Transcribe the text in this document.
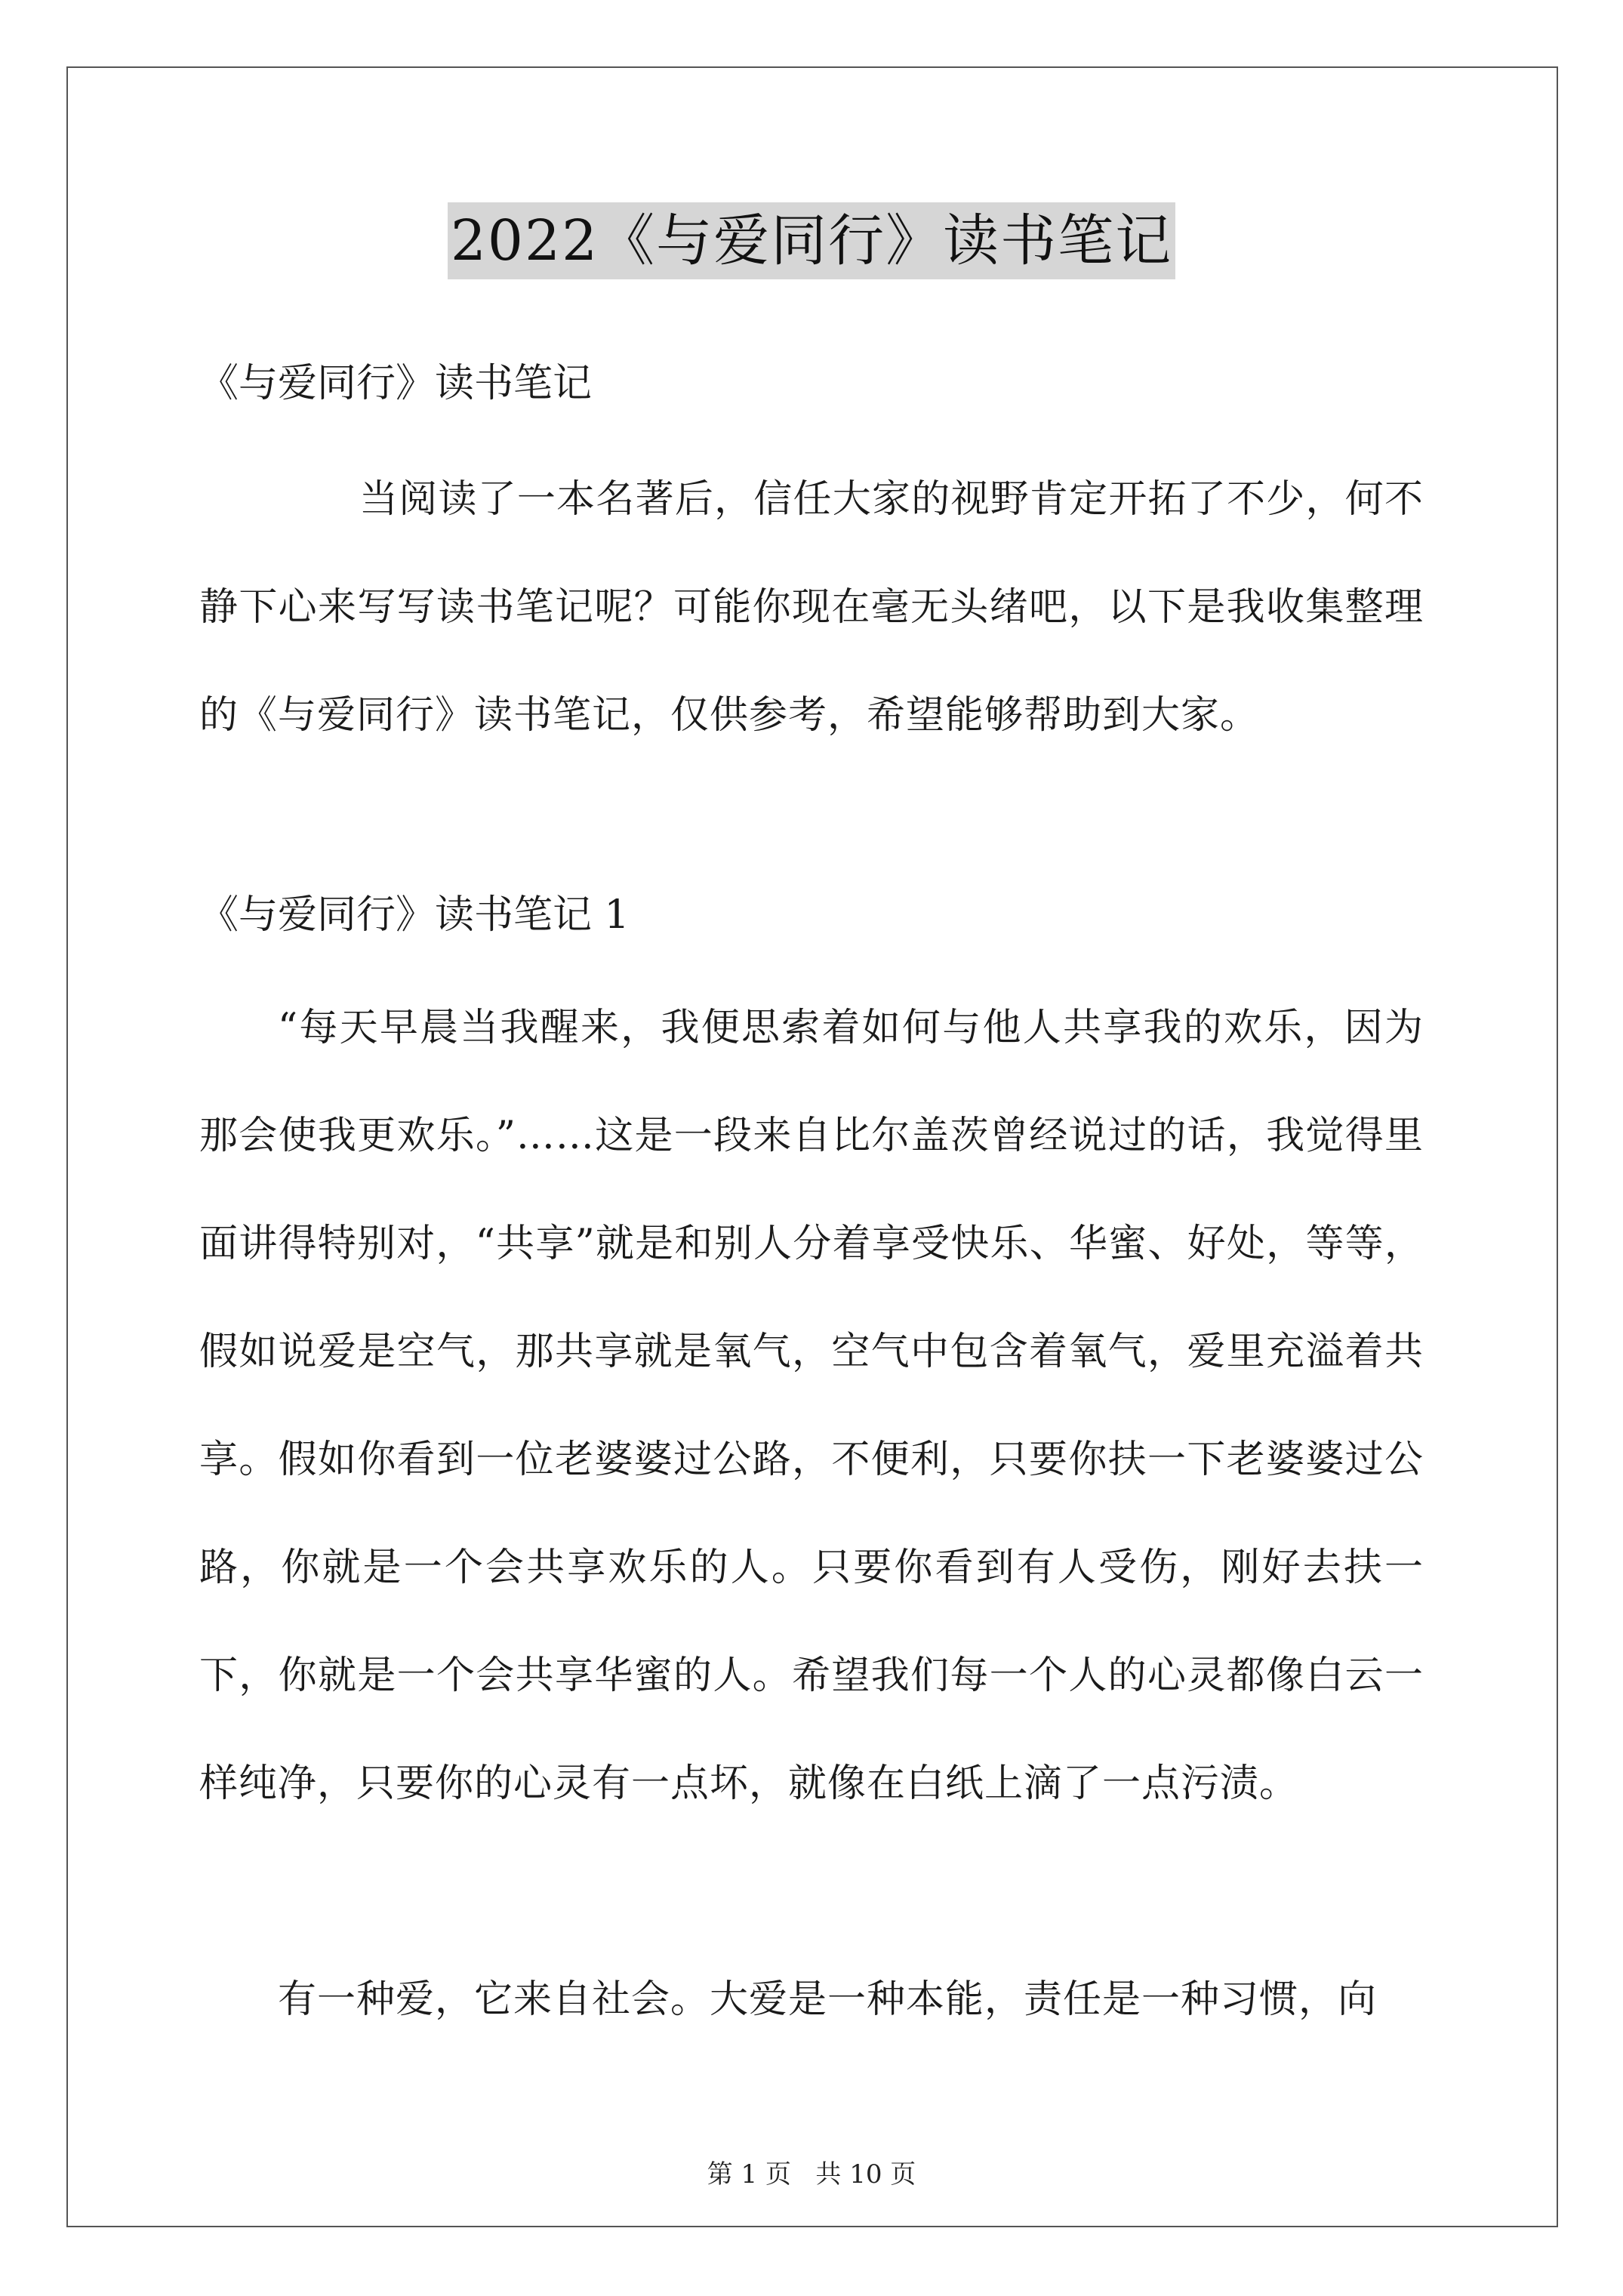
2022《与爱同行》读书笔记
《与爱同行》读书笔记
当阅读了一本名著后，信任大家的视野肯定开拓了不少，何不静下心来写写读书笔记呢？可能你现在毫无头绪吧，以下是我收集整理的《与爱同行》读书笔记，仅供参考，希望能够帮助到大家。
《与爱同行》读书笔记 1
“每天早晨当我醒来，我便思索着如何与他人共享我的欢乐，因为那会使我更欢乐。”……这是一段来自比尔盖茨曾经说过的话，我觉得里面讲得特别对，“共享”就是和别人分着享受快乐、华蜜、好处，等等，假如说爱是空气，那共享就是氧气，空气中包含着氧气，爱里充溢着共享。假如你看到一位老婆婆过公路，不便利，只要你扶一下老婆婆过公路，你就是一个会共享欢乐的人。只要你看到有人受伤，刚好去扶一下，你就是一个会共享华蜜的人。希望我们每一个人的心灵都像白云一样纯净，只要你的心灵有一点坏，就像在白纸上滴了一点污渍。
有一种爱，它来自社会。大爱是一种本能，责任是一种习惯，向
第 1 页   共 10 页
